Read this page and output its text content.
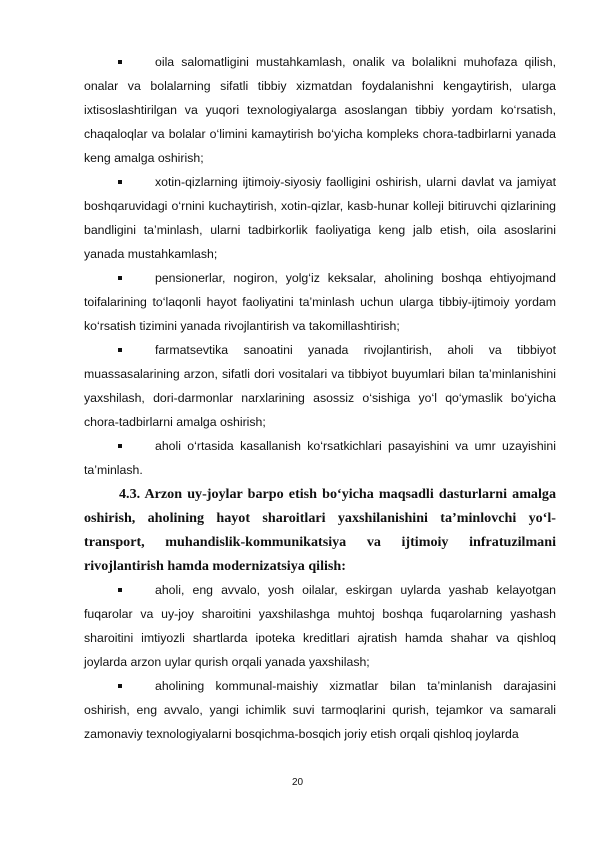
oila salomatligini mustahkamlash, onalik va bolalikni muhofaza qilish, onalar va bolalarning sifatli tibbiy xizmatdan foydalanishni kengaytirish, ularga ixtisoslashtirilgan va yuqori texnologiyalarga asoslangan tibbiy yordam ko‘rsatish, chaqaloqlar va bolalar o‘limini kamaytirish bo‘yicha kompleks chora-tadbirlarni yanada keng amalga oshirish;
xotin-qizlarning ijtimoiy-siyosiy faolligini oshirish, ularni davlat va jamiyat boshqaruvidagi o‘rnini kuchaytirish, xotin-qizlar, kasb-hunar kolleji bitiruvchi qizlarining bandligini ta’minlash, ularni tadbirkorlik faoliyatiga keng jalb etish, oila asoslarini yanada mustahkamlash;
pensionerlar, nogiron, yolg‘iz keksalar, aholining boshqa ehtiyojmand toifalarining to‘laqonli hayot faoliyatini ta’minlash uchun ularga tibbiy-ijtimoiy yordam ko‘rsatish tizimini yanada rivojlantirish va takomillashtirish;
farmatsevtika sanoatini yanada rivojlantirish, aholi va tibbiyot muassasalarining arzon, sifatli dori vositalari va tibbiyot buyumlari bilan ta’minlanishini yaxshilash, dori-darmonlar narxlarining asossiz o‘sishiga yo‘l qo‘ymaslik bo‘yicha chora-tadbirlarni amalga oshirish;
aholi o‘rtasida kasallanish ko‘rsatkichlari pasayishini va umr uzayishini ta’minlash.

4.3. Arzon uy-joylar barpo etish bo‘yicha maqsadli dasturlarni amalga oshirish, aholining hayot sharoitlari yaxshilanishini ta’minlovchi yo‘l-transport, muhandislik-kommunikatsiya va ijtimoiy infratuzilmani rivojlantirish hamda modernizatsiya qilish:

aholi, eng avvalo, yosh oilalar, eskirgan uylarda yashab kelayotgan fuqarolar va uy-joy sharoitini yaxshilashga muhtoj boshqa fuqarolarning yashash sharoitini imtiyozli shartlarda ipoteka kreditlari ajratish hamda shahar va qishloq joylarda arzon uylar qurish orqali yanada yaxshilash;
aholining kommunal-maishiy xizmatlar bilan ta’minlanish darajasini oshirish, eng avvalo, yangi ichimlik suvi tarmoqlarini qurish, tejamkor va samarali zamonaviy texnologiyalarni bosqichma-bosqich joriy etish orqali qishloq joylarda
20
